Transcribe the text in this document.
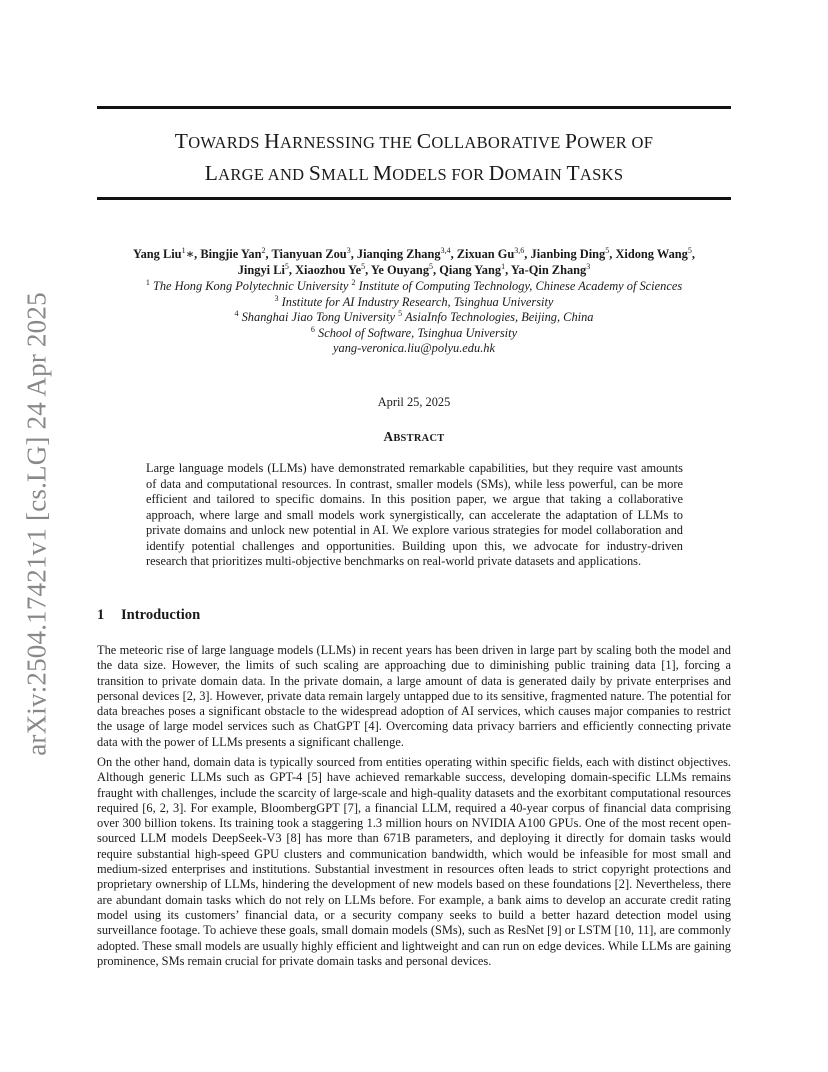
arXiv:2504.17421v1 [cs.LG] 24 Apr 2025
TOWARDS HARNESSING THE COLLABORATIVE POWER OF
LARGE AND SMALL MODELS FOR DOMAIN TASKS
Yang Liu$^1$∗, Bingjie Yan$^2$, Tianyuan Zou$^3$, Jianqing Zhang$^{3,4}$, Zixuan Gu$^{3,6}$, Jianbing Ding$^5$, Xidong Wang$^5$,
Jingyi Li$^5$, Xiaozhou Ye$^5$, Ye Ouyang$^5$, Qiang Yang$^1$, Ya-Qin Zhang$^3$
$^1$ The Hong Kong Polytechnic University $^2$ Institute of Computing Technology, Chinese Academy of Sciences
$^3$ Institute for AI Industry Research, Tsinghua University
$^4$ Shanghai Jiao Tong University $^5$ AsiaInfo Technologies, Beijing, China
$^6$ School of Software, Tsinghua University
yang-veronica.liu@polyu.edu.hk
April 25, 2025
ABSTRACT
Large language models (LLMs) have demonstrated remarkable capabilities, but they require vast amounts of data and computational resources. In contrast, smaller models (SMs), while less powerful, can be more efficient and tailored to specific domains. In this position paper, we argue that taking a collaborative approach, where large and small models work synergistically, can accelerate the adaptation of LLMs to private domains and unlock new potential in AI. We explore various strategies for model collaboration and identify potential challenges and opportunities. Building upon this, we advocate for industry-driven research that prioritizes multi-objective benchmarks on real-world private datasets and applications.
1 Introduction
The meteoric rise of large language models (LLMs) in recent years has been driven in large part by scaling both the model and the data size. However, the limits of such scaling are approaching due to diminishing public training data [1], forcing a transition to private domain data. In the private domain, a large amount of data is generated daily by private enterprises and personal devices [2, 3]. However, private data remain largely untapped due to its sensitive, fragmented nature. The potential for data breaches poses a significant obstacle to the widespread adoption of AI services, which causes major companies to restrict the usage of large model services such as ChatGPT [4]. Overcoming data privacy barriers and efficiently connecting private data with the power of LLMs presents a significant challenge.
On the other hand, domain data is typically sourced from entities operating within specific fields, each with distinct objectives. Although generic LLMs such as GPT-4 [5] have achieved remarkable success, developing domain-specific LLMs remains fraught with challenges, include the scarcity of large-scale and high-quality datasets and the exorbitant computational resources required [6, 2, 3]. For example, BloombergGPT [7], a financial LLM, required a 40-year corpus of financial data comprising over 300 billion tokens. Its training took a staggering 1.3 million hours on NVIDIA A100 GPUs. One of the most recent open-sourced LLM models DeepSeek-V3 [8] has more than 671B parameters, and deploying it directly for domain tasks would require substantial high-speed GPU clusters and communication bandwidth, which would be infeasible for most small and medium-sized enterprises and institutions. Substantial investment in resources often leads to strict copyright protections and proprietary ownership of LLMs, hindering the development of new models based on these foundations [2]. Nevertheless, there are abundant domain tasks which do not rely on LLMs before. For example, a bank aims to develop an accurate credit rating model using its customers’ financial data, or a security company seeks to build a better hazard detection model using surveillance footage. To achieve these goals, small domain models (SMs), such as ResNet [9] or LSTM [10, 11], are commonly adopted. These small models are usually highly efficient and lightweight and can run on edge devices. While LLMs are gaining prominence, SMs remain crucial for private domain tasks and personal devices.
